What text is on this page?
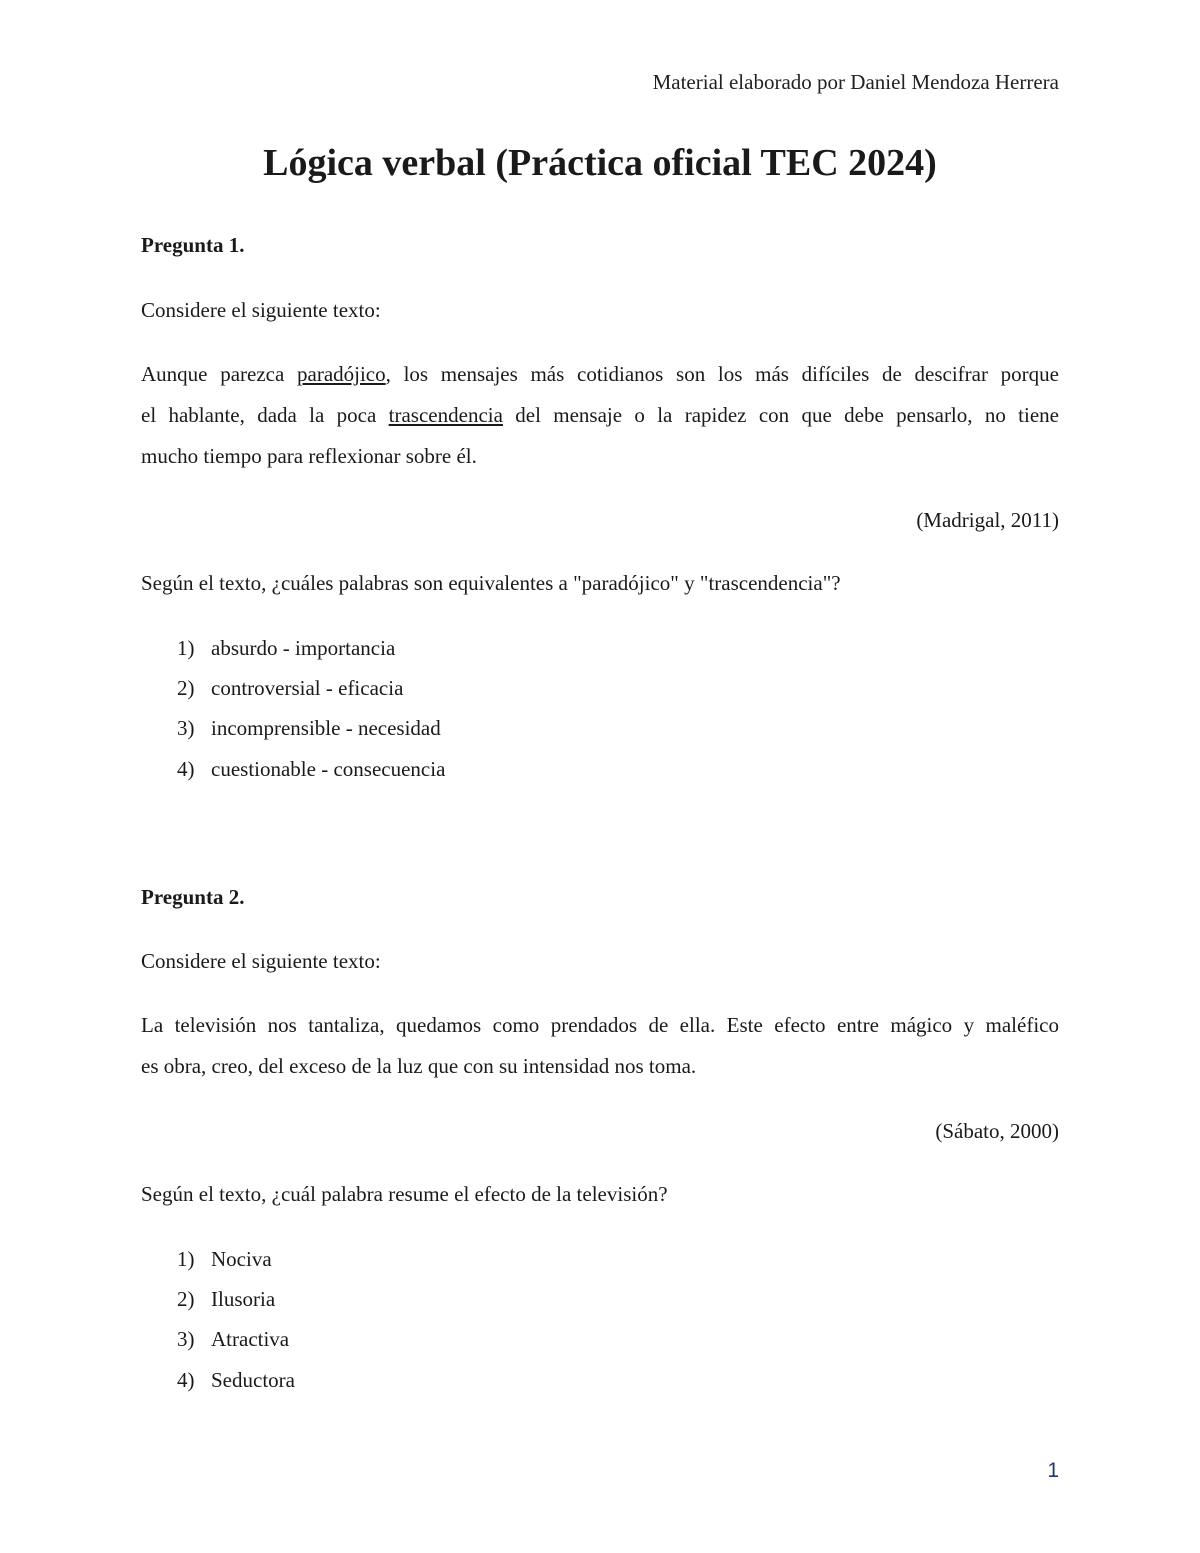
Material elaborado por Daniel Mendoza Herrera
Lógica verbal (Práctica oficial TEC 2024)

Pregunta 1.

Considere el siguiente texto:

Aunque parezca paradójico, los mensajes más cotidianos son los más difíciles de descifrar porque

el hablante, dada la poca trascendencia del mensaje o la rapidez con que debe pensarlo, no tiene

mucho tiempo para reflexionar sobre él.

(Madrigal, 2011)

Según el texto, ¿cuáles palabras son equivalentes a "paradójico" y "trascendencia"?

1) absurdo - importancia

2) controversial - eficacia

3) incomprensible - necesidad

4) cuestionable - consecuencia

Pregunta 2.

Considere el siguiente texto:

La televisión nos tantaliza, quedamos como prendados de ella. Este efecto entre mágico y maléfico

es obra, creo, del exceso de la luz que con su intensidad nos toma.

(Sábato, 2000)

Según el texto, ¿cuál palabra resume el efecto de la televisión?

1) Nociva

2) Ilusoria

3) Atractiva

4) Seductora

1
